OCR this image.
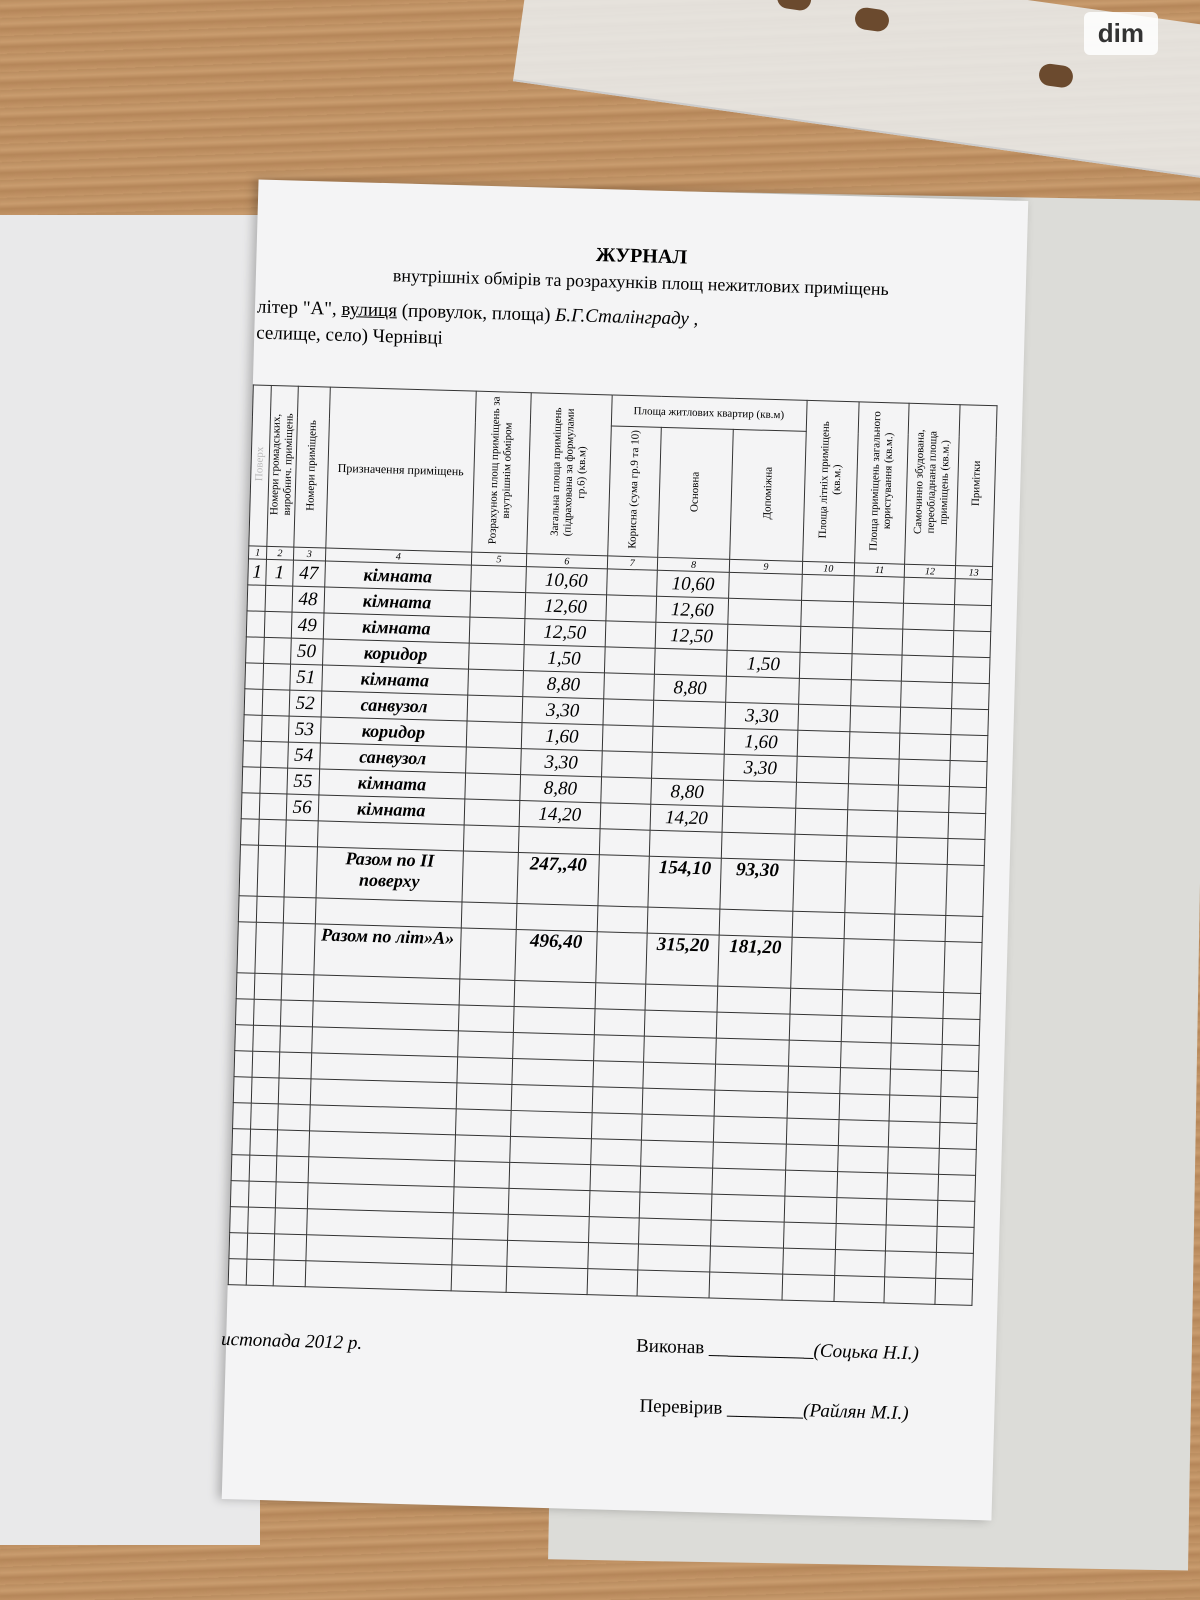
dim
ЖУРНАЛ
внутрішніх обмірів та розрахунків площ нежитлових приміщень
літер "А", вулиця (провулок, площа) Б.Г.Сталінграду ,
селище, село) Чернівці
Поверх	Номери громадських, виробнич. приміщень	Номери приміщень	Призначення приміщень	Розрахунок площ приміщень за внутрішнім обміром	Загальна площа приміщень (підрахована за формулами гр.6) (кв.м)	Площа житлових квартир (кв.м)			Площа літніх приміщень (кв.м.)	Площа приміщень загального користування (кв.м.)	Самочинно збудована, переобладнана площа приміщень (кв.м.)	Примітки
						Корисна (сума гр.9 та 10)	Основна	Допоміжна				
1	2	3	4	5	6	7	8	9	10	11	12	13
1	1	47	кімната		10,60		10,60					
		48	кімната		12,60		12,60					
		49	кімната		12,50		12,50					
		50	коридор		1,50			1,50				
		51	кімната		8,80		8,80					
		52	санвузол		3,30			3,30				
		53	коридор		1,60			1,60				
		54	санвузол		3,30			3,30				
		55	кімната		8,80		8,80					
		56	кімната		14,20		14,20					

			Разом по II поверху		247,,40		154,10	93,30				

			Разом по літ»А»		496,40		315,20	181,20				

истопада 2012 р.	Виконав ___________(Соцька Н.І.)
Перевірив ________(Райлян М.І.)
